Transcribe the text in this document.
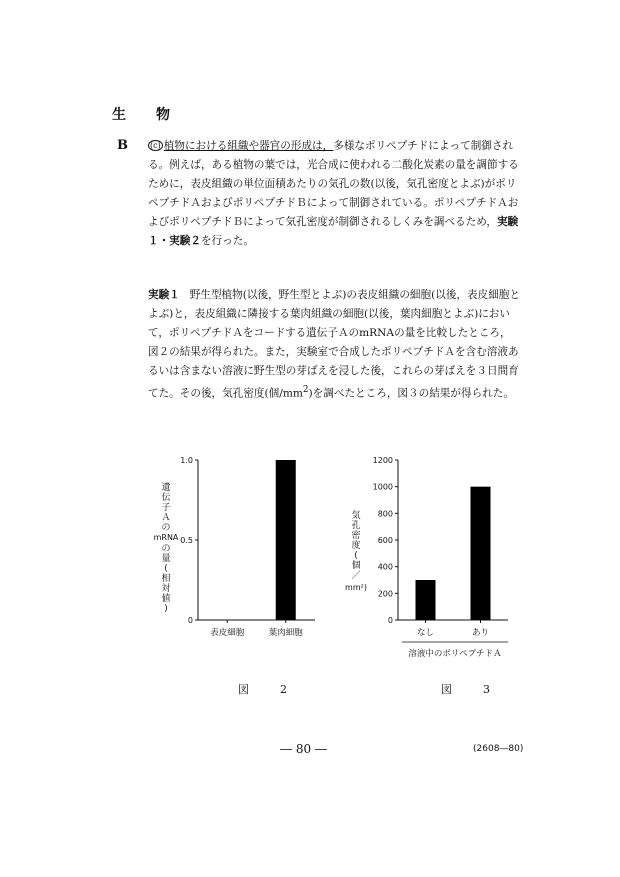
生　物
B	(c) 植物における組織や器官の形成は，多様なポリペプチドによって制御される。例えば，ある植物の葉では，光合成に使われる二酸化炭素の量を調節するために，表皮組織の単位面積あたりの気孔の数(以後，気孔密度とよぶ)がポリペプチドＡおよびポリペプチドＢによって制御されている。ポリペプチドＡおよびポリペプチドＢによって気孔密度が制御されるしくみを調べるため，実験１・実験２を行った。

実験１ 野生型植物(以後，野生型とよぶ)の表皮組織の細胞(以後，表皮細胞とよぶ)と，表皮組織に隣接する葉肉組織の細胞(以後，葉肉細胞とよぶ)において，ポリペプチドＡをコードする遺伝子ＡのmRNAの量を比較したところ，図２の結果が得られた。また，実験室で合成したポリペプチドＡを含む溶液あるいは含まない溶液に野生型の芽ばえを浸した後，これらの芽ばえを３日間育てた。その後，気孔密度(個$/mm^2$)を調べたところ，図３の結果が得られた。

0
0.5
1.0
表皮細胞	葉肉細胞
遺伝子Ａの
mRNA
の量(相対値)
0
200
400
600
800
1000
1200
なし	あり
気孔密度(個／
mm²)
溶液中のポリペプチドＡ
図　2	図　3
― 80 ―	(2608―80)
